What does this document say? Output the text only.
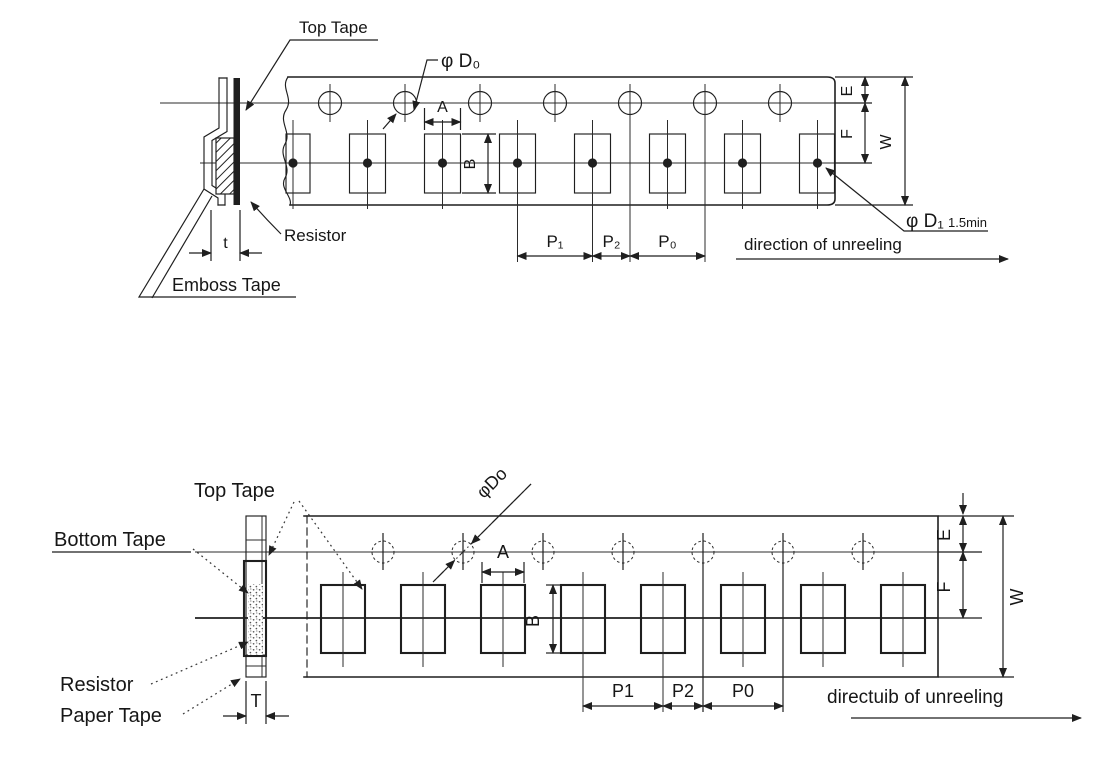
A
B
φ D₀
P₁ P₂ P₀
E
F
W
φ D₁ 1.5min
direction of unreeling
t
Top Tape
Resistor
Emboss Tape
A
B
φDo
P1 P2 P0
E
F
W
directuib of unreeling
T
Top Tape
Bottom Tape
Resistor
Paper Tape
